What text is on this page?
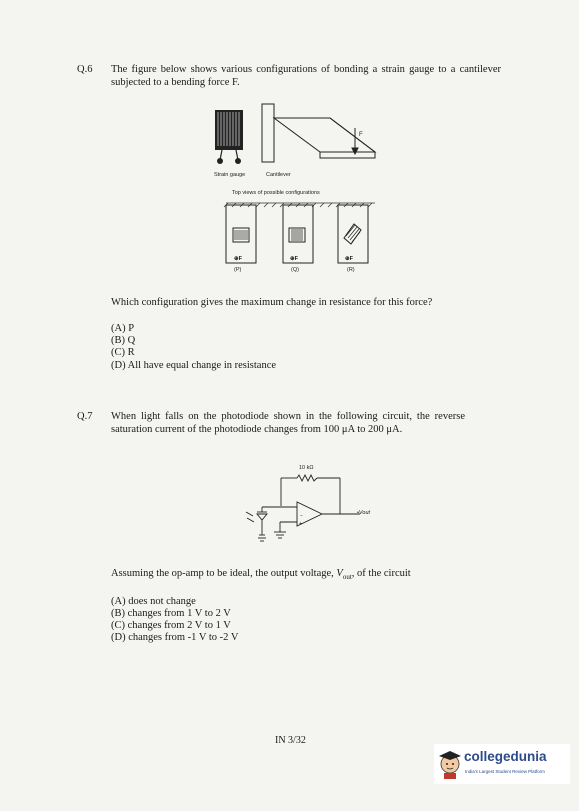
Q.6 The figure below shows various configurations of bonding a strain gauge to a cantilever subjected to a bending force F.
F
Strain gauge	Cantilever
Top views of possible configurations
⊕F	⊕F	⊕F
(P)	(Q)	(R)
Which configuration gives the maximum change in resistance for this force?
(A) P
(B) Q
(C) R
(D) All have equal change in resistance
Q.7 When light falls on the photodiode shown in the following circuit, the reverse saturation current of the photodiode changes from 100 μA to 200 μA.
−
+
10 kΩ
•Vout
Assuming the op-amp to be ideal, the output voltage, $V_{out}$, of the circuit
(A) does not change
(B) changes from 1 V to 2 V
(C) changes from 2 V to 1 V
(D) changes from -1 V to -2 V
IN 3/32
collegedunia
India's Largest Student Review Platform
